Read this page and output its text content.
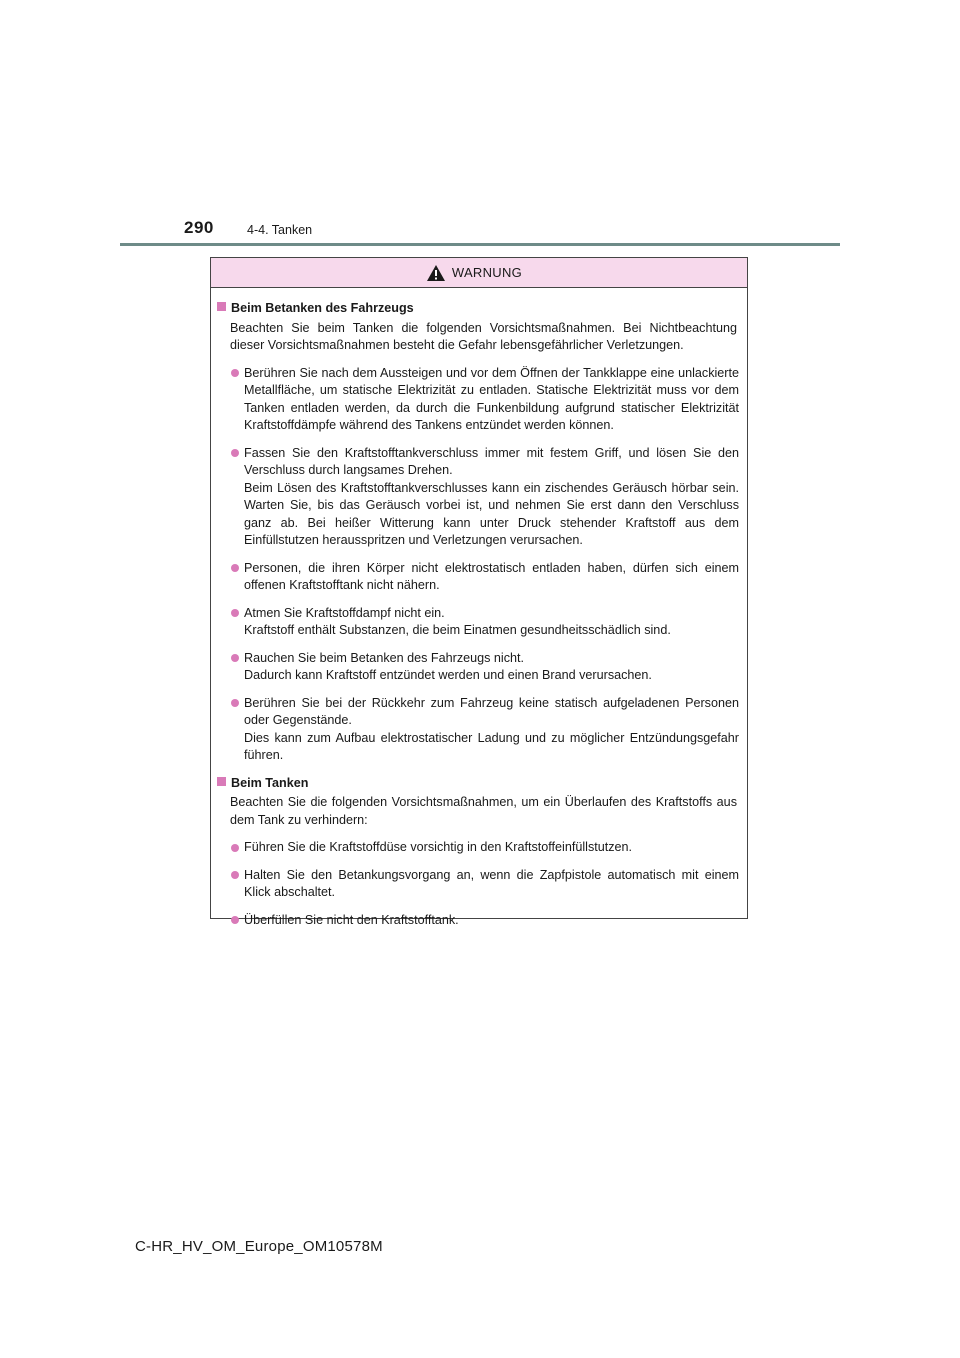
290	4-4. Tanken
WARNUNG
Beim Betanken des Fahrzeugs
Beachten Sie beim Tanken die folgenden Vorsichtsmaßnahmen. Bei Nichtbeachtung dieser Vorsichtsmaßnahmen besteht die Gefahr lebensgefährlicher Verletzungen.

Berühren Sie nach dem Aussteigen und vor dem Öffnen der Tankklappe eine unlackierte Metallfläche, um statische Elektrizität zu entladen. Statische Elektrizität muss vor dem Tanken entladen werden, da durch die Funkenbildung aufgrund statischer Elektrizität Kraftstoffdämpfe während des Tankens entzündet werden können.

Fassen Sie den Kraftstofftankverschluss immer mit festem Griff, und lösen Sie den Verschluss durch langsames Drehen.

Beim Lösen des Kraftstofftankverschlusses kann ein zischendes Geräusch hörbar sein. Warten Sie, bis das Geräusch vorbei ist, und nehmen Sie erst dann den Verschluss ganz ab. Bei heißer Witterung kann unter Druck stehender Kraftstoff aus dem Einfüllstutzen herausspritzen und Verletzungen verursachen.

Personen, die ihren Körper nicht elektrostatisch entladen haben, dürfen sich einem offenen Kraftstofftank nicht nähern.

Atmen Sie Kraftstoffdampf nicht ein.

Kraftstoff enthält Substanzen, die beim Einatmen gesundheitsschädlich sind.

Rauchen Sie beim Betanken des Fahrzeugs nicht.

Dadurch kann Kraftstoff entzündet werden und einen Brand verursachen.

Berühren Sie bei der Rückkehr zum Fahrzeug keine statisch aufgeladenen Personen oder Gegenstände.

Dies kann zum Aufbau elektrostatischer Ladung und zu möglicher Entzündungsgefahr führen.

Beim Tanken
Beachten Sie die folgenden Vorsichtsmaßnahmen, um ein Überlaufen des Kraftstoffs aus dem Tank zu verhindern:

Führen Sie die Kraftstoffdüse vorsichtig in den Kraftstoffeinfüllstutzen.

Halten Sie den Betankungsvorgang an, wenn die Zapfpistole automatisch mit einem Klick abschaltet.

Überfüllen Sie nicht den Kraftstofftank.

C-HR_HV_OM_Europe_OM10578M
